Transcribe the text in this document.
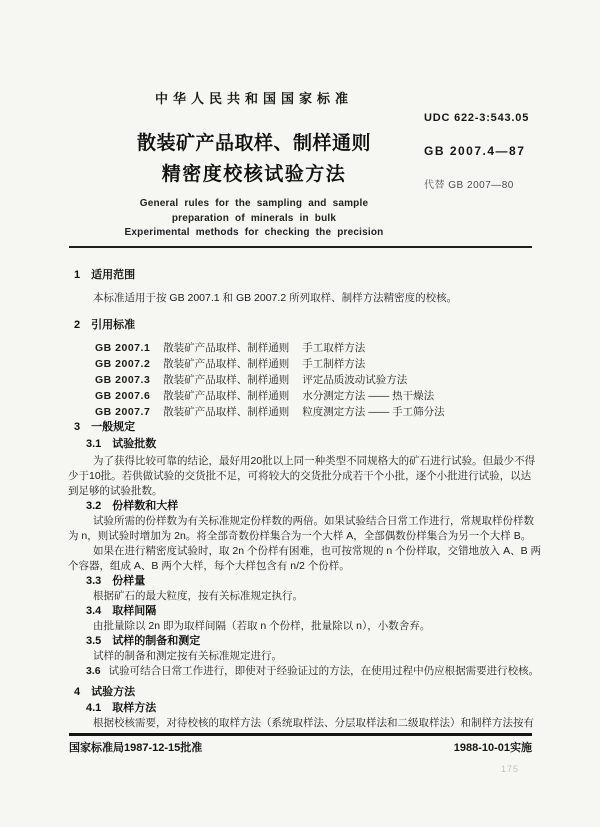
中华人民共和国国家标准
散装矿产品取样、制样通则
精密度校核试验方法
General rules for the sampling and sample
preparation of minerals in bulk
Experimental methods for checking the precision
UDC 622-3:543.05
GB 2007.4—87
代替 GB 2007—80
1　适用范围
本标准适用于按 GB 2007.1 和 GB 2007.2 所列取样、制样方法精密度的校核。
2　引用标准
GB 2007.1 散装矿产品取样、制样通则 手工取样方法
GB 2007.2 散装矿产品取样、制样通则 手工制样方法
GB 2007.3 散装矿产品取样、制样通则 评定品质波动试验方法
GB 2007.6 散装矿产品取样、制样通则 水分测定方法 —— 热干燥法
GB 2007.7 散装矿产品取样、制样通则 粒度测定方法 —— 手工筛分法
3　一般规定
3.1　试验批数
为了获得比较可靠的结论，最好用20批以上同一种类型不同规格大的矿石进行试验。但最少不得
少于10批。若供做试验的交货批不足，可将较大的交货批分成若干个小批，逐个小批进行试验，以达
到足够的试验批数。
3.2　份样数和大样
试验所需的份样数为有关标准规定份样数的两倍。如果试验结合日常工作进行，常规取样份样数
为 n，则试验时增加为 2n。将全部奇数份样集合为一个大样 A，全部偶数份样集合为另一个大样 B。
如果在进行精密度试验时，取 2n 个份样有困难，也可按常规的 n 个份样取，交错地放入 A、B 两
个容器，组成 A、B 两个大样，每个大样包含有 n/2 个份样。
3.3　份样量
根据矿石的最大粒度，按有关标准规定执行。
3.4　取样间隔
由批量除以 2n 即为取样间隔（若取 n 个份样，批量除以 n），小数舍弃。
3.5　试样的制备和测定
试样的制备和测定按有关标准规定进行。
3.6 试验可结合日常工作进行，即使对于经验证过的方法，在使用过程中仍应根据需要进行校核。
4　试验方法
4.1　取样方法
根据校核需要，对待校核的取样方法（系统取样法、分层取样法和二级取样法）和制样方法按有
国家标准局1987-12-15批准	1988-10-01实施
175
